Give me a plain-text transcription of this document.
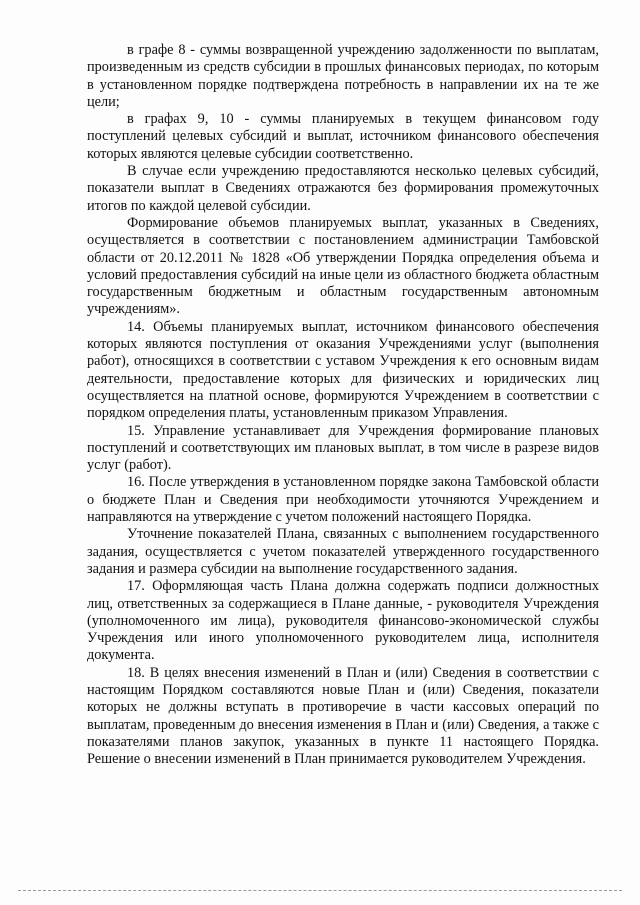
в графе 8 - суммы возвращенной учреждению задолженности по выплатам, произведенным из средств субсидии в прошлых финансовых периодах, по которым в установленном порядке подтверждена потребность в направлении их на те же цели;

в графах 9, 10 - суммы планируемых в текущем финансовом году поступлений целевых субсидий и выплат, источником финансового обеспечения которых являются целевые субсидии соответственно.

В случае если учреждению предоставляются несколько целевых субсидий, показатели выплат в Сведениях отражаются без формирования промежуточных итогов по каждой целевой субсидии.

Формирование объемов планируемых выплат, указанных в Сведениях, осуществляется в соответствии с постановлением администрации Тамбовской области от 20.12.2011 № 1828 «Об утверждении Порядка определения объема и условий предоставления субсидий на иные цели из областного бюджета областным государственным бюджетным и областным государственным автономным учреждениям».

14. Объемы планируемых выплат, источником финансового обеспечения которых являются поступления от оказания Учреждениями услуг (выполнения работ), относящихся в соответствии с уставом Учреждения к его основным видам деятельности, предоставление которых для физических и юридических лиц осуществляется на платной основе, формируются Учреждением в соответствии с порядком определения платы, установленным приказом Управления.

15. Управление устанавливает для Учреждения формирование плановых поступлений и соответствующих им плановых выплат, в том числе в разрезе видов услуг (работ).

16. После утверждения в установленном порядке закона Тамбовской области о бюджете План и Сведения при необходимости уточняются Учреждением и направляются на утверждение с учетом положений настоящего Порядка.

Уточнение показателей Плана, связанных с выполнением государственного задания, осуществляется с учетом показателей утвержденного государственного задания и размера субсидии на выполнение государственного задания.

17. Оформляющая часть Плана должна содержать подписи должностных лиц, ответственных за содержащиеся в Плане данные, - руководителя Учреждения (уполномоченного им лица), руководителя финансово-экономической службы Учреждения или иного уполномоченного руководителем лица, исполнителя документа.

18. В целях внесения изменений в План и (или) Сведения в соответствии с настоящим Порядком составляются новые План и (или) Сведения, показатели которых не должны вступать в противоречие в части кассовых операций по выплатам, проведенным до внесения изменения в План и (или) Сведения, а также с показателями планов закупок, указанных в пункте 11 настоящего Порядка. Решение о внесении изменений в План принимается руководителем Учреждения.
